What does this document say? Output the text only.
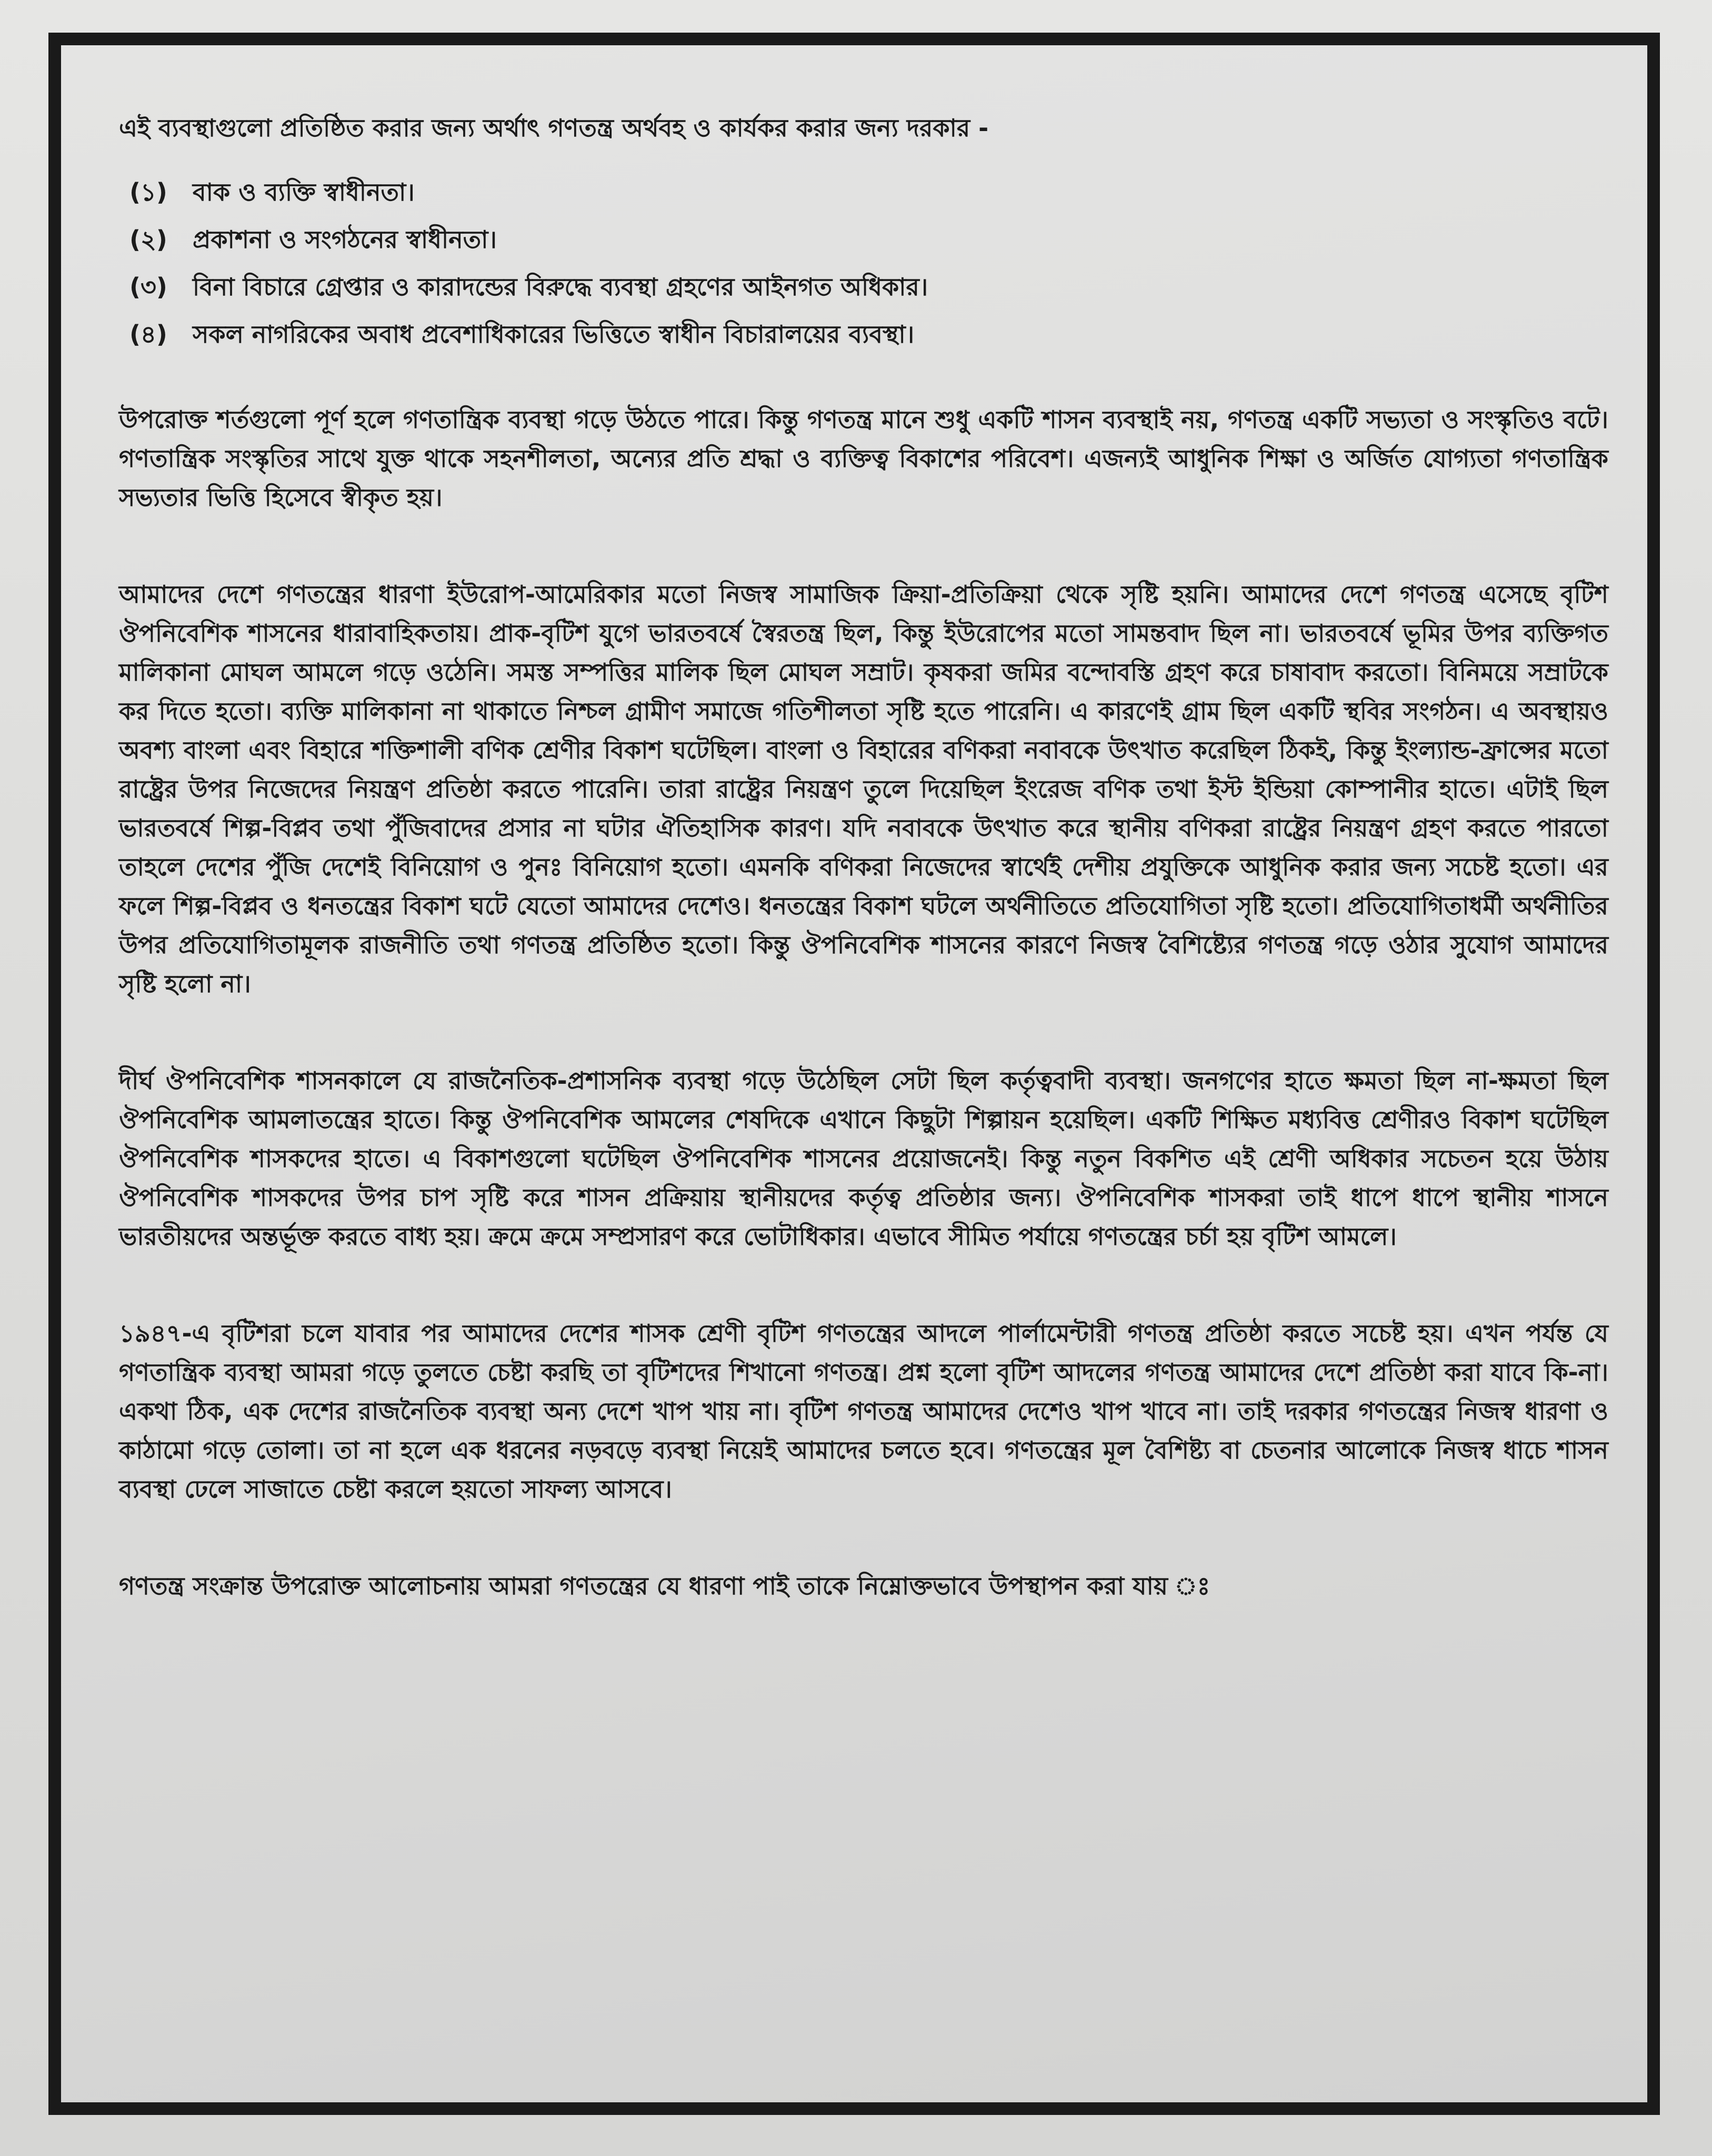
এই ব্যবস্থাগুলো প্রতিষ্ঠিত করার জন্য অর্থাৎ গণতন্ত্র অর্থবহ ও কার্যকর করার জন্য দরকার -

(১)	বাক ও ব্যক্তি স্বাধীনতা।
(২)	প্রকাশনা ও সংগঠনের স্বাধীনতা।
(৩)	বিনা বিচারে গ্রেপ্তার ও কারাদন্ডের বিরুদ্ধে ব্যবস্থা গ্রহণের আইনগত অধিকার।
(৪)	সকল নাগরিকের অবাধ প্রবেশাধিকারের ভিত্তিতে স্বাধীন বিচারালয়ের ব্যবস্থা।

উপরোক্ত শর্তগুলো পূর্ণ হলে গণতান্ত্রিক ব্যবস্থা গড়ে উঠতে পারে। কিন্তু গণতন্ত্র মানে শুধু একটি শাসন ব্যবস্থাই নয়, গণতন্ত্র একটি সভ্যতা ও সংস্কৃতিও বটে। গণতান্ত্রিক সংস্কৃতির সাথে যুক্ত থাকে সহনশীলতা, অন্যের প্রতি শ্রদ্ধা ও ব্যক্তিত্ব বিকাশের পরিবেশ। এজন্যই আধুনিক শিক্ষা ও অর্জিত যোগ্যতা গণতান্ত্রিক সভ্যতার ভিত্তি হিসেবে স্বীকৃত হয়।

আমাদের দেশে গণতন্ত্রের ধারণা ইউরোপ-আমেরিকার মতো নিজস্ব সামাজিক ক্রিয়া-প্রতিক্রিয়া থেকে সৃষ্টি হয়নি। আমাদের দেশে গণতন্ত্র এসেছে বৃটিশ ঔপনিবেশিক শাসনের ধারাবাহিকতায়। প্রাক-বৃটিশ যুগে ভারতবর্ষে স্বৈরতন্ত্র ছিল, কিন্তু ইউরোপের মতো সামন্তবাদ ছিল না। ভারতবর্ষে ভূমির উপর ব্যক্তিগত মালিকানা মোঘল আমলে গড়ে ওঠেনি। সমস্ত সম্পত্তির মালিক ছিল মোঘল সম্রাট। কৃষকরা জমির বন্দোবস্তি গ্রহণ করে চাষাবাদ করতো। বিনিময়ে সম্রাটকে কর দিতে হতো। ব্যক্তি মালিকানা না থাকাতে নিশ্চল গ্রামীণ সমাজে গতিশীলতা সৃষ্টি হতে পারেনি। এ কারণেই গ্রাম ছিল একটি স্থবির সংগঠন। এ অবস্থায়ও অবশ্য বাংলা এবং বিহারে শক্তিশালী বণিক শ্রেণীর বিকাশ ঘটেছিল। বাংলা ও বিহারের বণিকরা নবাবকে উৎখাত করেছিল ঠিকই, কিন্তু ইংল্যান্ড-ফ্রান্সের মতো রাষ্ট্রের উপর নিজেদের নিয়ন্ত্রণ প্রতিষ্ঠা করতে পারেনি। তারা রাষ্ট্রের নিয়ন্ত্রণ তুলে দিয়েছিল ইংরেজ বণিক তথা ইস্ট ইন্ডিয়া কোম্পানীর হাতে। এটাই ছিল ভারতবর্ষে শিল্প-বিপ্লব তথা পুঁজিবাদের প্রসার না ঘটার ঐতিহাসিক কারণ। যদি নবাবকে উৎখাত করে স্থানীয় বণিকরা রাষ্ট্রের নিয়ন্ত্রণ গ্রহণ করতে পারতো তাহলে দেশের পুঁজি দেশেই বিনিয়োগ ও পুনঃ বিনিয়োগ হতো। এমনকি বণিকরা নিজেদের স্বার্থেই দেশীয় প্রযুক্তিকে আধুনিক করার জন্য সচেষ্ট হতো। এর ফলে শিল্প-বিপ্লব ও ধনতন্ত্রের বিকাশ ঘটে যেতো আমাদের দেশেও। ধনতন্ত্রের বিকাশ ঘটলে অর্থনীতিতে প্রতিযোগিতা সৃষ্টি হতো। প্রতিযোগিতাধর্মী অর্থনীতির উপর প্রতিযোগিতামূলক রাজনীতি তথা গণতন্ত্র প্রতিষ্ঠিত হতো। কিন্তু ঔপনিবেশিক শাসনের কারণে নিজস্ব বৈশিষ্ট্যের গণতন্ত্র গড়ে ওঠার সুযোগ আমাদের সৃষ্টি হলো না।

দীর্ঘ ঔপনিবেশিক শাসনকালে যে রাজনৈতিক-প্রশাসনিক ব্যবস্থা গড়ে উঠেছিল সেটা ছিল কর্তৃত্ববাদী ব্যবস্থা। জনগণের হাতে ক্ষমতা ছিল না-ক্ষমতা ছিল ঔপনিবেশিক আমলাতন্ত্রের হাতে। কিন্তু ঔপনিবেশিক আমলের শেষদিকে এখানে কিছুটা শিল্পায়ন হয়েছিল। একটি শিক্ষিত মধ্যবিত্ত শ্রেণীরও বিকাশ ঘটেছিল ঔপনিবেশিক শাসকদের হাতে। এ বিকাশগুলো ঘটেছিল ঔপনিবেশিক শাসনের প্রয়োজনেই। কিন্তু নতুন বিকশিত এই শ্রেণী অধিকার সচেতন হয়ে উঠায় ঔপনিবেশিক শাসকদের উপর চাপ সৃষ্টি করে শাসন প্রক্রিয়ায় স্থানীয়দের কর্তৃত্ব প্রতিষ্ঠার জন্য। ঔপনিবেশিক শাসকরা তাই ধাপে ধাপে স্থানীয় শাসনে ভারতীয়দের অন্তর্ভূক্ত করতে বাধ্য হয়। ক্রমে ক্রমে সম্প্রসারণ করে ভোটাধিকার। এভাবে সীমিত পর্যায়ে গণতন্ত্রের চর্চা হয় বৃটিশ আমলে।

১৯৪৭-এ বৃটিশরা চলে যাবার পর আমাদের দেশের শাসক শ্রেণী বৃটিশ গণতন্ত্রের আদলে পার্লামেন্টারী গণতন্ত্র প্রতিষ্ঠা করতে সচেষ্ট হয়। এখন পর্যন্ত যে গণতান্ত্রিক ব্যবস্থা আমরা গড়ে তুলতে চেষ্টা করছি তা বৃটিশদের শিখানো গণতন্ত্র। প্রশ্ন হলো বৃটিশ আদলের গণতন্ত্র আমাদের দেশে প্রতিষ্ঠা করা যাবে কি-না। একথা ঠিক, এক দেশের রাজনৈতিক ব্যবস্থা অন্য দেশে খাপ খায় না। বৃটিশ গণতন্ত্র আমাদের দেশেও খাপ খাবে না। তাই দরকার গণতন্ত্রের নিজস্ব ধারণা ও কাঠামো গড়ে তোলা। তা না হলে এক ধরনের নড়বড়ে ব্যবস্থা নিয়েই আমাদের চলতে হবে। গণতন্ত্রের মূল বৈশিষ্ট্য বা চেতনার আলোকে নিজস্ব ধাচে শাসন ব্যবস্থা ঢেলে সাজাতে চেষ্টা করলে হয়তো সাফল্য আসবে।

গণতন্ত্র সংক্রান্ত উপরোক্ত আলোচনায় আমরা গণতন্ত্রের যে ধারণা পাই তাকে নিম্নোক্তভাবে উপস্থাপন করা যায় ঃ
